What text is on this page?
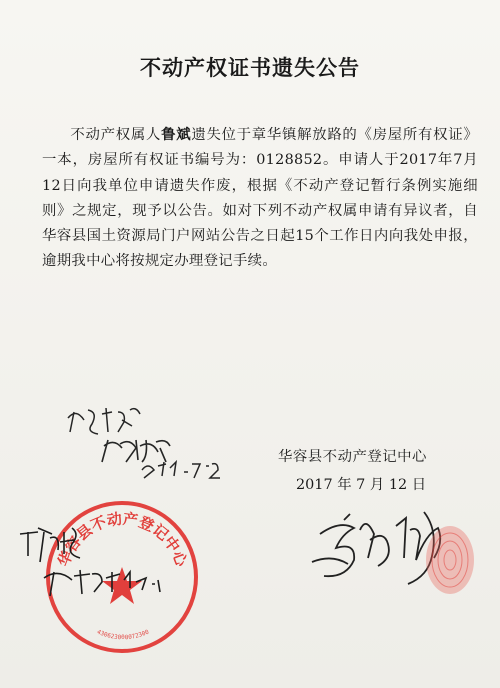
不动产权证书遗失公告
不动产权属人鲁斌遗失位于章华镇解放路的《房屋所有权证》一本，房屋所有权证书编号为：0128852。申请人于2017年7月12日向我单位申请遗失作废，根据《不动产登记暂行条例实施细则》之规定，现予以公告。如对下列不动产权属申请有异议者，自华容县国土资源局门户网站公告之日起15个工作日内向我处申报，逾期我中心将按规定办理登记手续。
华容县不动产登记中心
2017 年 7 月 12 日
华容县不动产登记中心
430623000072300
